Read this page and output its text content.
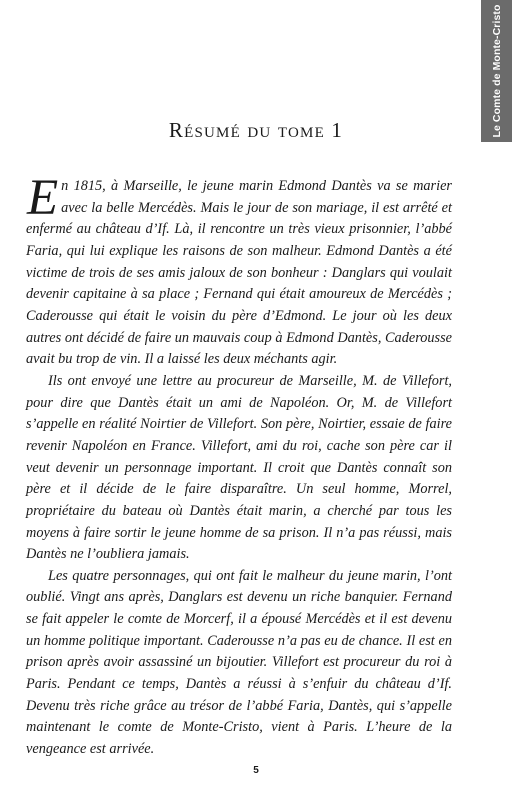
Le Comte de Monte-Cristo
Résumé du tome 1

En 1815, à Marseille, le jeune marin Edmond Dantès va se marier avec la belle Mercédès. Mais le jour de son mariage, il est arrêté et enfermé au château d’If. Là, il rencontre un très vieux prisonnier, l’abbé Faria, qui lui explique les raisons de son malheur. Edmond Dantès a été victime de trois de ses amis jaloux de son bonheur : Danglars qui voulait devenir capitaine à sa place ; Fernand qui était amoureux de Mercédès ; Caderousse qui était le voisin du père d’Edmond. Le jour où les deux autres ont décidé de faire un mauvais coup à Edmond Dantès, Caderousse avait bu trop de vin. Il a laissé les deux méchants agir.

Ils ont envoyé une lettre au procureur de Marseille, M. de Villefort, pour dire que Dantès était un ami de Napoléon. Or, M. de Villefort s’appelle en réalité Noirtier de Villefort. Son père, Noirtier, essaie de faire revenir Napoléon en France. Villefort, ami du roi, cache son père car il veut devenir un personnage important. Il croit que Dantès connaît son père et il décide de le faire disparaître. Un seul homme, Morrel, propriétaire du bateau où Dantès était marin, a cherché par tous les moyens à faire sortir le jeune homme de sa prison. Il n’a pas réussi, mais Dantès ne l’oubliera jamais.

Les quatre personnages, qui ont fait le malheur du jeune marin, l’ont oublié. Vingt ans après, Danglars est devenu un riche banquier. Fernand se fait appeler le comte de Morcerf, il a épousé Mercédès et il est devenu un homme politique important. Caderousse n’a pas eu de chance. Il est en prison après avoir assassiné un bijoutier. Villefort est procureur du roi à Paris. Pendant ce temps, Dantès a réussi à s’enfuir du château d’If. Devenu très riche grâce au trésor de l’abbé Faria, Dantès, qui s’appelle maintenant le comte de Monte-Cristo, vient à Paris. L’heure de la vengeance est arrivée.

5
